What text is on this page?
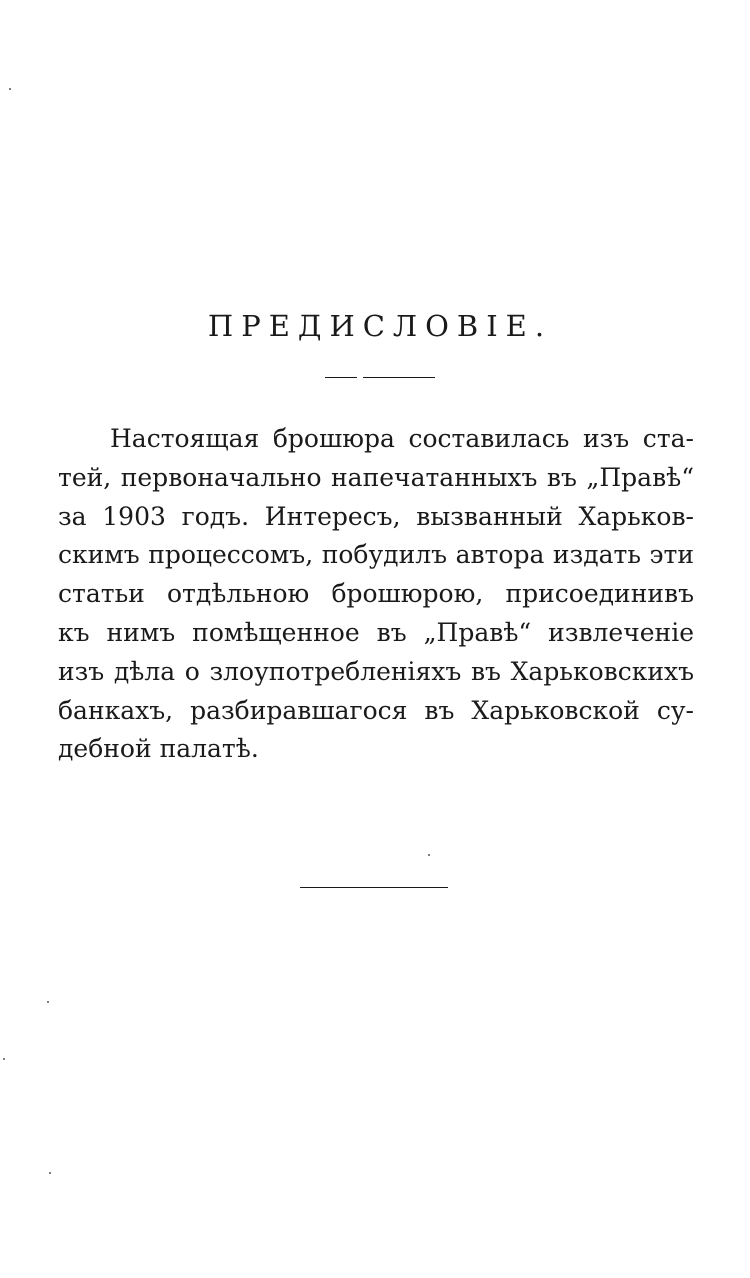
ПРЕДИСЛОВІЕ.
Настоящая брошюра составилась изъ ста-
тей, первоначально напечатанныхъ въ „Правѣ“
за 1903 годъ. Интересъ, вызванный Харьков-
скимъ процессомъ, побудилъ автора издать эти
статьи отдѣльною брошюрою, присоединивъ
къ нимъ помѣщенное въ „Правѣ“ извлеченіе
изъ дѣла о злоупотребленіяхъ въ Харьковскихъ
банкахъ, разбиравшагося въ Харьковской су-
дебной палатѣ.
